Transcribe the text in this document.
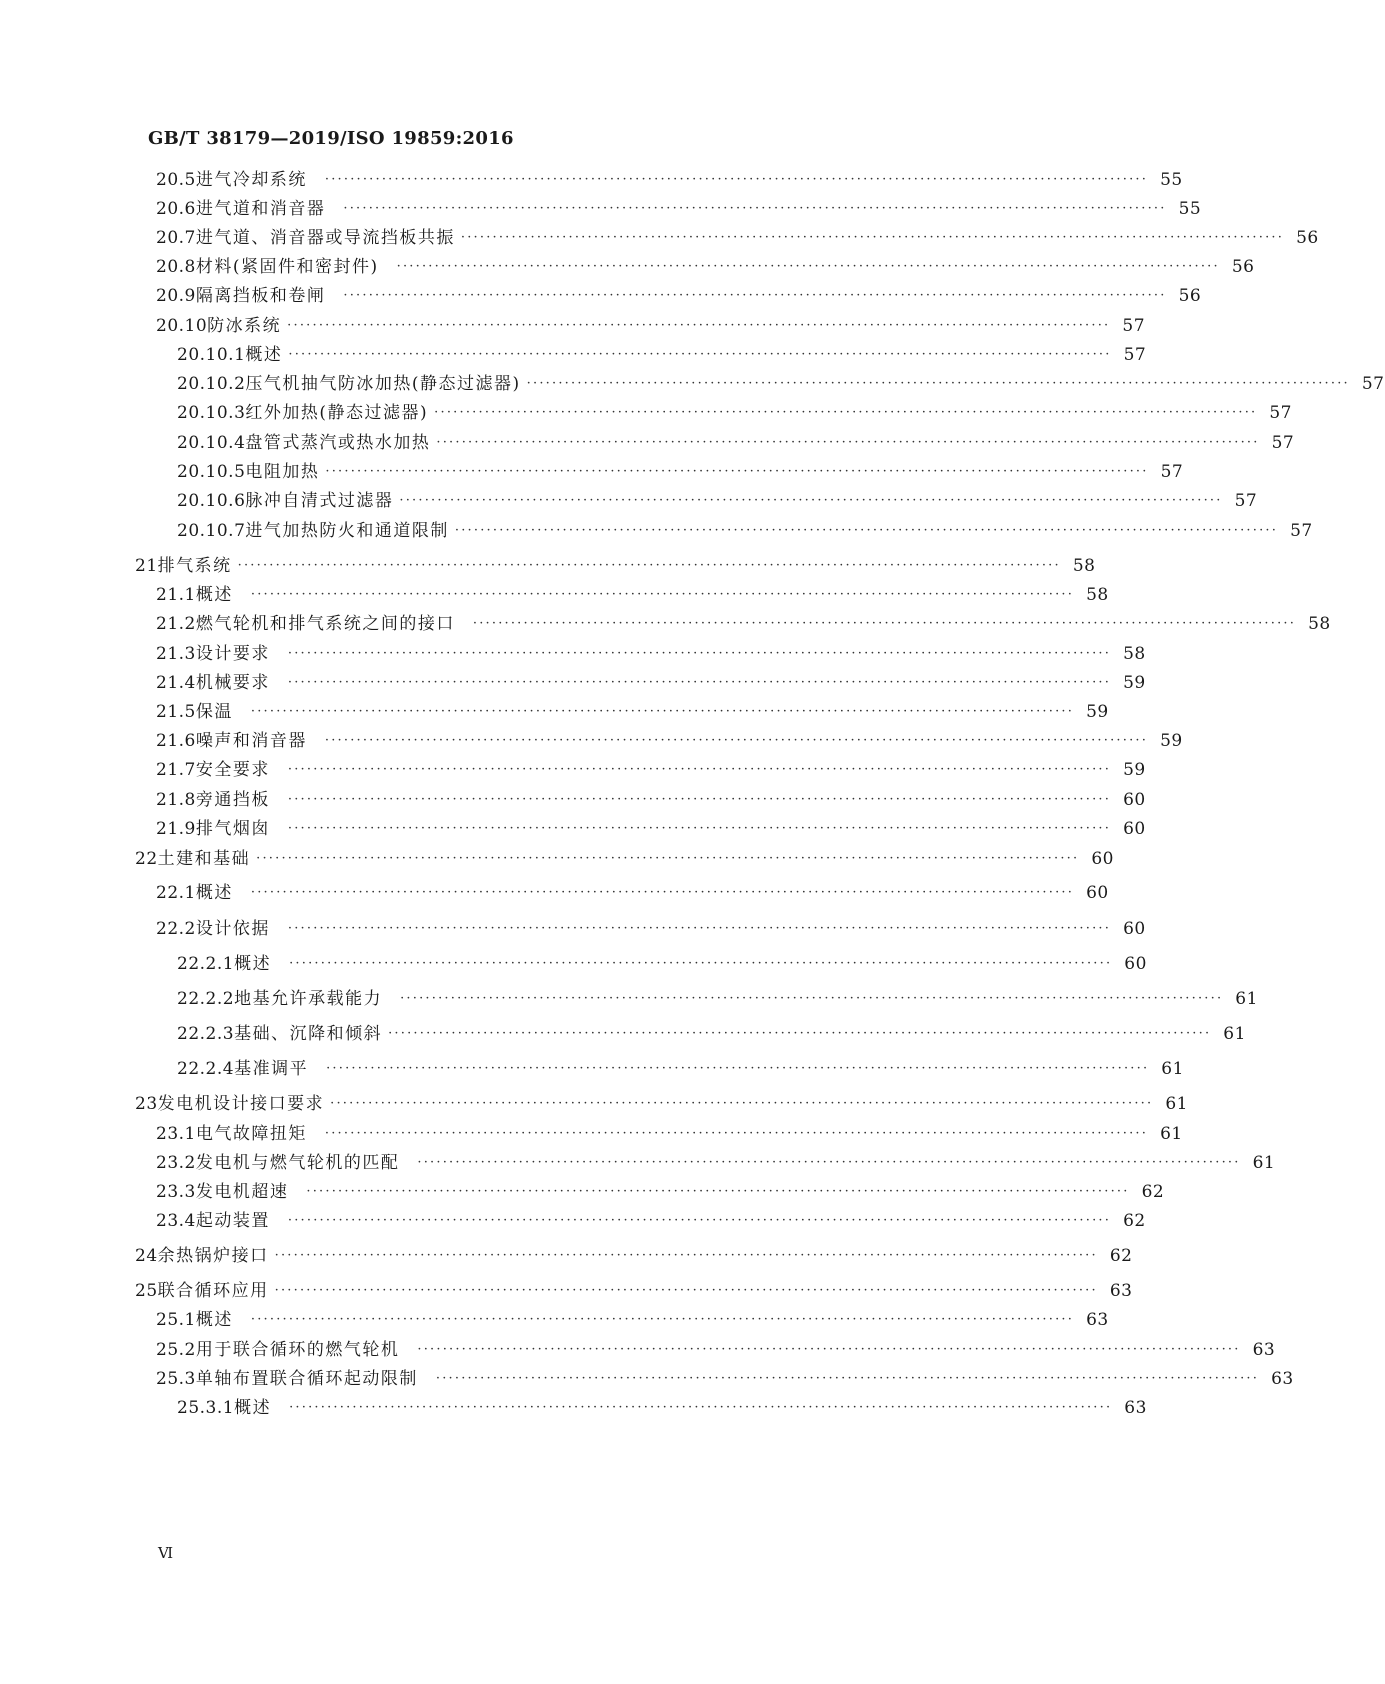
GB/T 38179—2019/ISO 19859:2016
20.5 进气冷却系统	·································································································································· 55
20.6 进气道和消音器	·································································································································· 55
20.7 进气道、消音器或导流挡板共振 ·································································································································· 56
20.8 材料(紧固件和密封件)	·································································································································· 56
20.9 隔离挡板和卷闸	·································································································································· 56
20.10 防冰系统 ·································································································································· 57
20.10.1 概述 ·································································································································· 57
20.10.2 压气机抽气防冰加热(静态过滤器) ·································································································································· 57
20.10.3 红外加热(静态过滤器) ·································································································································· 57
20.10.4 盘管式蒸汽或热水加热 ·································································································································· 57
20.10.5 电阻加热 ·································································································································· 57
20.10.6 脉冲自清式过滤器 ·································································································································· 57
20.10.7 进气加热防火和通道限制 ·································································································································· 57
21 排气系统 ·································································································································· 58
21.1 概述	·································································································································· 58
21.2 燃气轮机和排气系统之间的接口	·································································································································· 58
21.3 设计要求	·································································································································· 58
21.4 机械要求	·································································································································· 59
21.5 保温	·································································································································· 59
21.6 噪声和消音器	·································································································································· 59
21.7 安全要求	·································································································································· 59
21.8 旁通挡板	·································································································································· 60
21.9 排气烟囱	·································································································································· 60
22 土建和基础 ·································································································································· 60
22.1 概述	·································································································································· 60
22.2 设计依据	·································································································································· 60
22.2.1 概述	·································································································································· 60
22.2.2 地基允许承载能力	·································································································································· 61
22.2.3 基础、沉降和倾斜 ·································································································································· 61
22.2.4 基准调平	·································································································································· 61
23 发电机设计接口要求 ·································································································································· 61
23.1 电气故障扭矩	·································································································································· 61
23.2 发电机与燃气轮机的匹配	·································································································································· 61
23.3 发电机超速	·································································································································· 62
23.4 起动装置	·································································································································· 62
24 余热锅炉接口 ·································································································································· 62
25 联合循环应用 ·································································································································· 63
25.1 概述	·································································································································· 63
25.2 用于联合循环的燃气轮机	·································································································································· 63
25.3 单轴布置联合循环起动限制	·································································································································· 63
25.3.1 概述	·································································································································· 63
Ⅵ
